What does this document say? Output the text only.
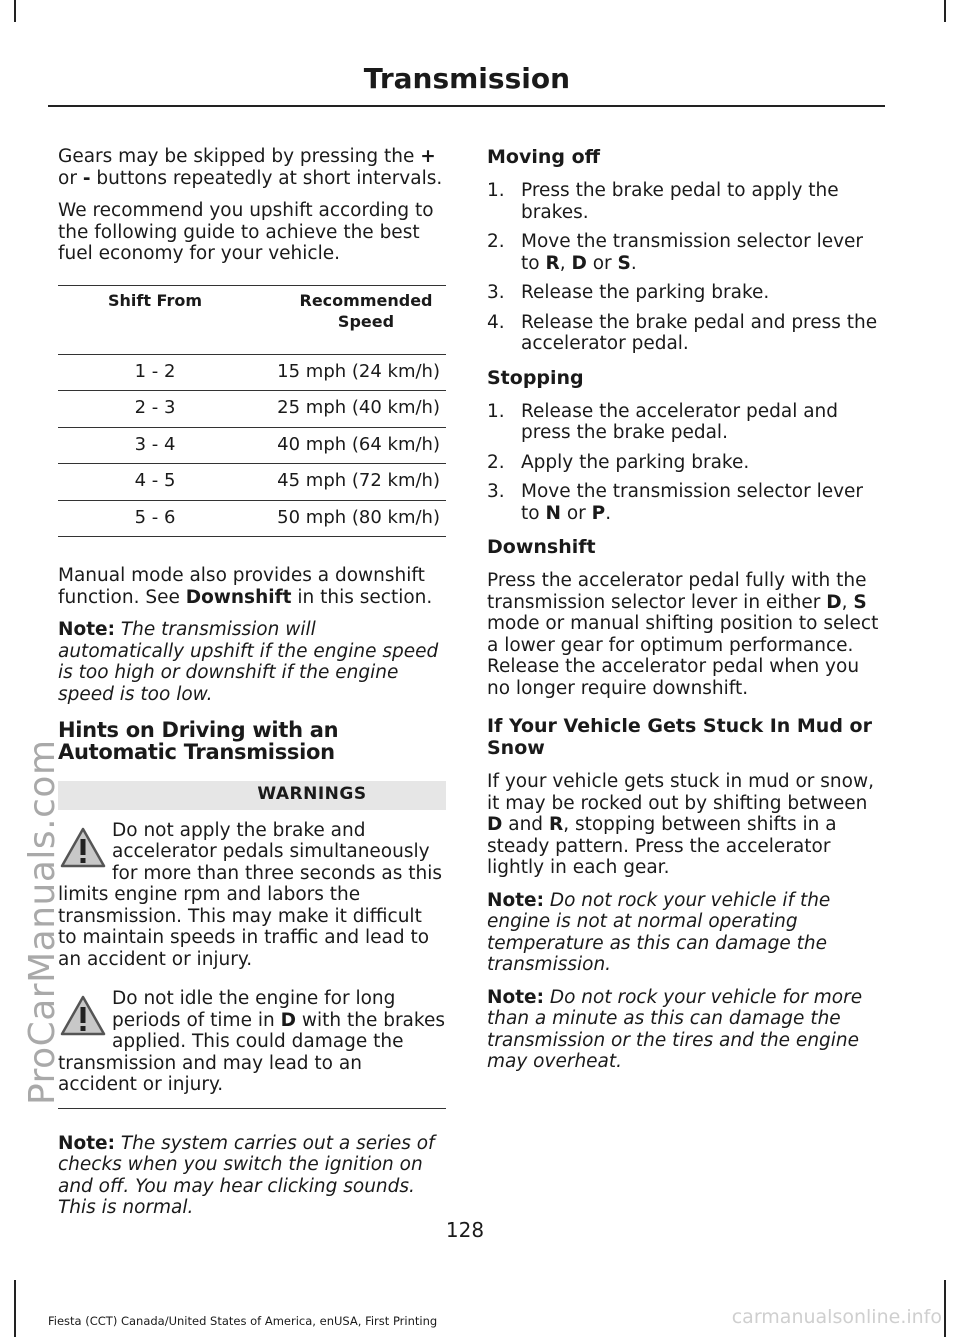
Transmission

Gears may be skipped by pressing the + or - buttons repeatedly at short intervals.

We recommend you upshift according to the following guide to achieve the best fuel economy for your vehicle.

Shift From	Recommended Speed
1 - 2	15 mph (24 km/h)
2 - 3	25 mph (40 km/h)
3 - 4	40 mph (64 km/h)
4 - 5	45 mph (72 km/h)
5 - 6	50 mph (80 km/h)

Manual mode also provides a downshift function. See Downshift in this section.

Note: The transmission will automatically upshift if the engine speed is too high or downshift if the engine speed is too low.

Hints on Driving with an Automatic Transmission
WARNINGS

Do not apply the brake and accelerator pedals simultaneously for more than three seconds as this limits engine rpm and labors the transmission. This may make it difficult to maintain speeds in traffic and lead to an accident or injury.

Do not idle the engine for long periods of time in D with the brakes applied. This could damage the transmission and may lead to an accident or injury.

Note: The system carries out a series of checks when you switch the ignition on and off. You may hear clicking sounds. This is normal.

Moving off
1. Press the brake pedal to apply the brakes.
2. Move the transmission selector lever to R, D or S.
3. Release the parking brake.
4. Release the brake pedal and press the accelerator pedal.
Stopping
1. Release the accelerator pedal and press the brake pedal.
2. Apply the parking brake.
3. Move the transmission selector lever to N or P.
Downshift

Press the accelerator pedal fully with the transmission selector lever in either D, S mode or manual shifting position to select a lower gear for optimum performance. Release the accelerator pedal when you no longer require downshift.

If Your Vehicle Gets Stuck In Mud or Snow

If your vehicle gets stuck in mud or snow, it may be rocked out by shifting between D and R, stopping between shifts in a steady pattern. Press the accelerator lightly in each gear.

Note: Do not rock your vehicle if the engine is not at normal operating temperature as this can damage the transmission.

Note: Do not rock your vehicle for more than a minute as this can damage the transmission or the tires and the engine may overheat.

128
Fiesta (CCT) Canada/United States of America, enUSA, First Printing
ProCarManuals.com
carmanualsonline.info
